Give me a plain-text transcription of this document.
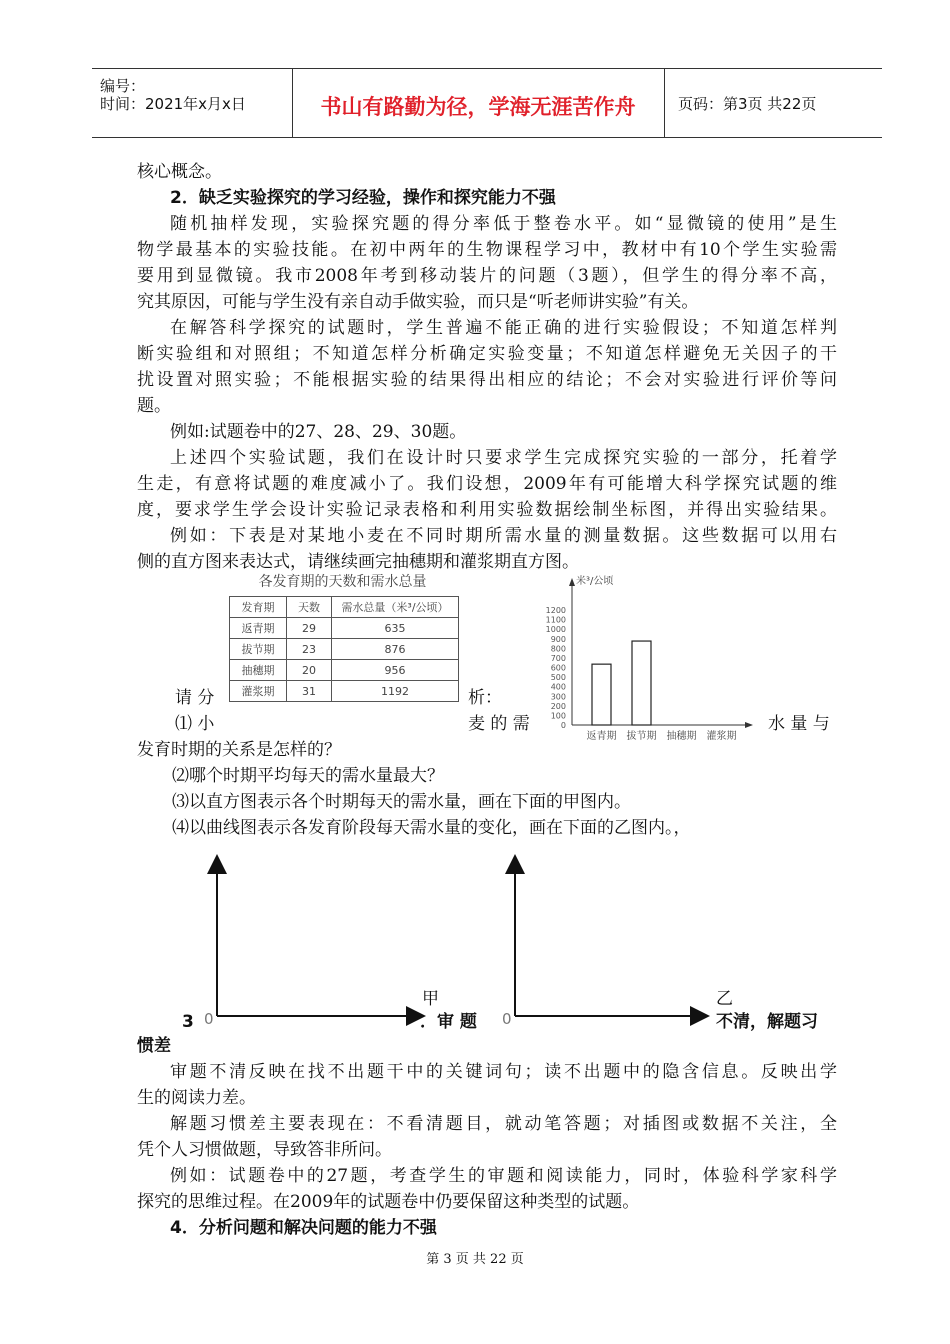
编号：
时间：2021年x月x日	书山有路勤为径，学海无涯苦作舟	页码：第3页 共22页
核心概念。
2．缺乏实验探究的学习经验，操作和探究能力不强
随机抽样发现，实验探究题的得分率低于整卷水平。如“显微镜的使用”是生
物学最基本的实验技能。在初中两年的生物课程学习中，教材中有10个学生实验需
要用到显微镜。我市2008年考到移动装片的问题（3题），但学生的得分率不高，
究其原因，可能与学生没有亲自动手做实验，而只是“听老师讲实验”有关。
在解答科学探究的试题时，学生普遍不能正确的进行实验假设；不知道怎样判
断实验组和对照组；不知道怎样分析确定实验变量；不知道怎样避免无关因子的干
扰设置对照实验；不能根据实验的结果得出相应的结论；不会对实验进行评价等问
题。
例如:试题卷中的27、28、29、30题。
上述四个实验试题，我们在设计时只要求学生完成探究实验的一部分，托着学
生走，有意将试题的难度减小了。我们设想，2009年有可能增大科学探究试题的维
度，要求学生学会设计实验记录表格和利用实验数据绘制坐标图，并得出实验结果。
例如：下表是对某地小麦在不同时期所需水量的测量数据。这些数据可以用右
侧的直方图来表达式，请继续画完抽穗期和灌浆期直方图。
各发育期的天数和需水总量
发育期	天数	需水总量（米³/公顷）
返青期	29	635
拔节期	23	876
抽穗期	20	956
灌浆期	31	1192
米³/公顷
0
100
200
300
400
500
600
700
800
900
1000
1100
1200
返青期 拔节期 抽穗期 灌浆期
请 分	析：
⑴ 小	麦 的 需	水 量 与
发育时期的关系是怎样的？
⑵哪个时期平均每天的需水量最大？
⑶以直方图表示各个时期每天的需水量，画在下面的甲图内。
⑷以曲线图表示各发育阶段每天需水量的变化，画在下面的乙图内。，
0	0
甲	乙
3	．审 题	不清，解题习
惯差
审题不清反映在找不出题干中的关键词句；读不出题中的隐含信息。反映出学
生的阅读力差。
解题习惯差主要表现在：不看清题目，就动笔答题；对插图或数据不关注，全
凭个人习惯做题，导致答非所问。
例如：试题卷中的27题，考查学生的审题和阅读能力，同时，体验科学家科学
探究的思维过程。在2009年的试题卷中仍要保留这种类型的试题。
4．分析问题和解决问题的能力不强
第 3 页 共 22 页
